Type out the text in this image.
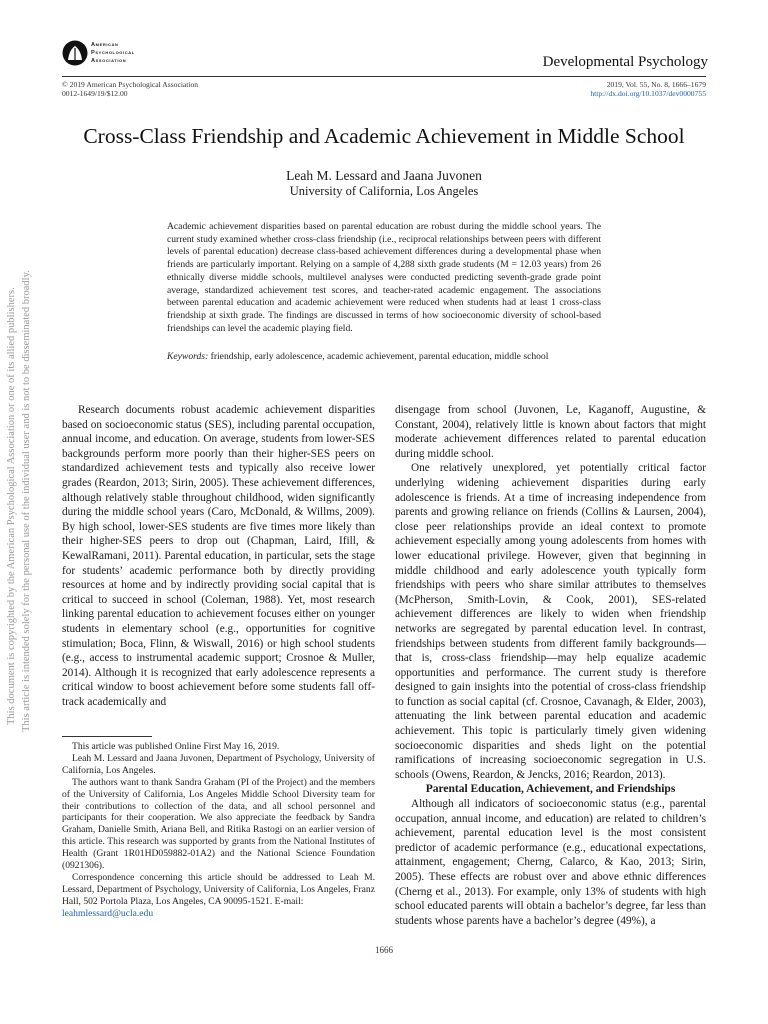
This document is copyrighted by the American Psychological Association or one of its allied publishers. This article is intended solely for the personal use of the individual user and is not to be disseminated broadly.
American
Psychological
Association	Developmental Psychology
© 2019 American Psychological Association
0012-1649/19/$12.00
2019, Vol. 55, No. 8, 1666–1679
http://dx.doi.org/10.1037/dev0000755
Cross-Class Friendship and Academic Achievement in Middle School
Leah M. Lessard and Jaana Juvonen
University of California, Los Angeles
Academic achievement disparities based on parental education are robust during the middle school years. The current study examined whether cross-class friendship (i.e., reciprocal relationships between peers with different levels of parental education) decrease class-based achievement differences during a developmental phase when friends are particularly important. Relying on a sample of 4,288 sixth grade students (M = 12.03 years) from 26 ethnically diverse middle schools, multilevel analyses were conducted predicting seventh-grade grade point average, standardized achievement test scores, and teacher-rated academic engagement. The associations between parental education and academic achievement were reduced when students had at least 1 cross-class friendship at sixth grade. The findings are discussed in terms of how socioeconomic diversity of school-based friendships can level the academic playing field.
Keywords: friendship, early adolescence, academic achievement, parental education, middle school

Research documents robust academic achievement disparities based on socioeconomic status (SES), including parental occupation, annual income, and education. On average, students from lower-SES backgrounds perform more poorly than their higher-SES peers on standardized achievement tests and typically also receive lower grades (Reardon, 2013; Sirin, 2005). These achievement differences, although relatively stable throughout childhood, widen significantly during the middle school years (Caro, McDonald, & Willms, 2009). By high school, lower-SES students are five times more likely than their higher-SES peers to drop out (Chapman, Laird, Ifill, & KewalRamani, 2011). Parental education, in particular, sets the stage for students’ academic performance both by directly providing resources at home and by indirectly providing social capital that is critical to succeed in school (Coleman, 1988). Yet, most research linking parental education to achievement focuses either on younger students in elementary school (e.g., opportunities for cognitive stimulation; Boca, Flinn, & Wiswall, 2016) or high school students (e.g., access to instrumental academic support; Crosnoe & Muller, 2014). Although it is recognized that early adolescence represents a critical window to boost achievement before some students fall off-track academically and

disengage from school (Juvonen, Le, Kaganoff, Augustine, & Constant, 2004), relatively little is known about factors that might moderate achievement differences related to parental education during middle school.

One relatively unexplored, yet potentially critical factor underlying widening achievement disparities during early adolescence is friends. At a time of increasing independence from parents and growing reliance on friends (Collins & Laursen, 2004), close peer relationships provide an ideal context to promote achievement especially among young adolescents from homes with lower educational privilege. However, given that beginning in middle childhood and early adolescence youth typically form friendships with peers who share similar attributes to themselves (McPherson, Smith-Lovin, & Cook, 2001), SES-related achievement differences are likely to widen when friendship networks are segregated by parental education level. In contrast, friendships between students from different family backgrounds—that is, cross-class friendship—may help equalize academic opportunities and performance. The current study is therefore designed to gain insights into the potential of cross-class friendship to function as social capital (cf. Crosnoe, Cavanagh, & Elder, 2003), attenuating the link between parental education and academic achievement. This topic is particularly timely given widening socioeconomic disparities and sheds light on the potential ramifications of increasing socioeconomic segregation in U.S. schools (Owens, Reardon, & Jencks, 2016; Reardon, 2013).

Parental Education, Achievement, and Friendships

Although all indicators of socioeconomic status (e.g., parental occupation, annual income, and education) are related to children’s achievement, parental education level is the most consistent predictor of academic performance (e.g., educational expectations, attainment, engagement; Cherng, Calarco, & Kao, 2013; Sirin, 2005). These effects are robust over and above ethnic differences (Cherng et al., 2013). For example, only 13% of students with high school educated parents will obtain a bachelor’s degree, far less than students whose parents have a bachelor’s degree (49%), a

This article was published Online First May 16, 2019.

Leah M. Lessard and Jaana Juvonen, Department of Psychology, University of California, Los Angeles.

The authors want to thank Sandra Graham (PI of the Project) and the members of the University of California, Los Angeles Middle School Diversity team for their contributions to collection of the data, and all school personnel and participants for their cooperation. We also appreciate the feedback by Sandra Graham, Danielle Smith, Ariana Bell, and Ritika Rastogi on an earlier version of this article. This research was supported by grants from the National Institutes of Health (Grant 1R01HD059882-01A2) and the National Science Foundation (0921306).

Correspondence concerning this article should be addressed to Leah M. Lessard, Department of Psychology, University of California, Los Angeles, Franz Hall, 502 Portola Plaza, Los Angeles, CA 90095-1521. E-mail:

leahmlessard@ucla.edu
1666
